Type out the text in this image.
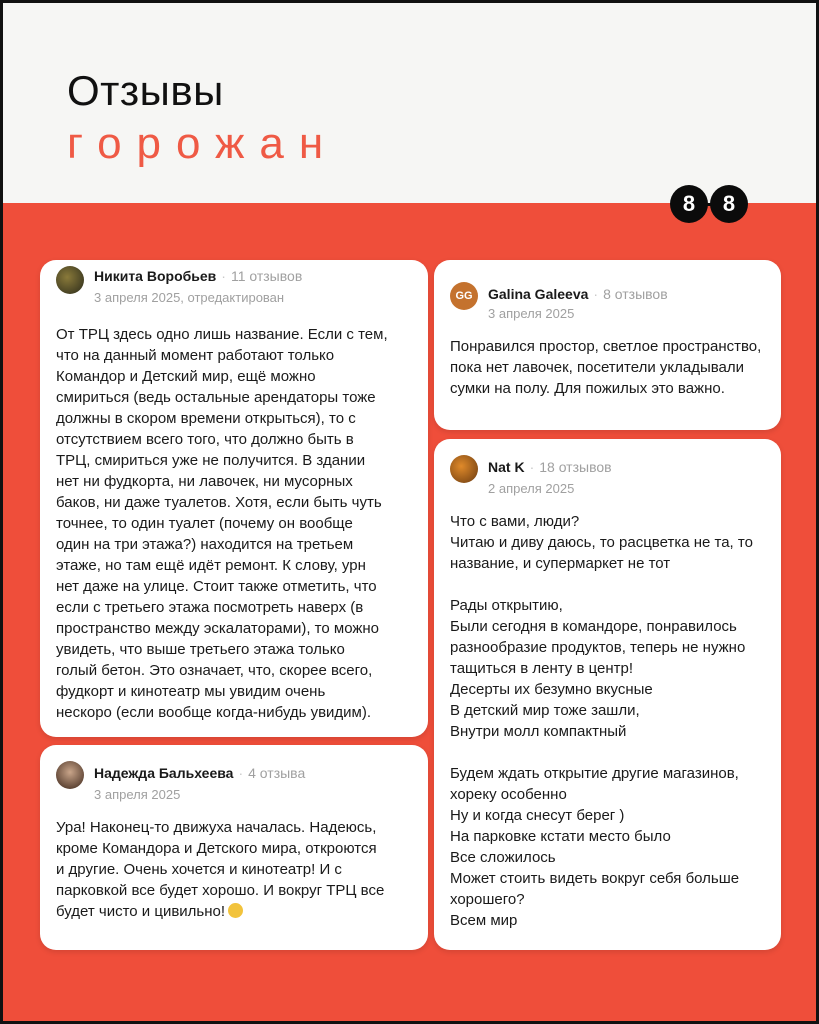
Отзывы
горожан
8	8
Никита Воробьев · 11 отзывов
3 апреля 2025, отредактирован
От ТРЦ здесь одно лишь название. Если с тем,
что на данный момент работают только
Командор и Детский мир, ещё можно
смириться (ведь остальные арендаторы тоже
должны в скором времени открыться), то с
отсутствием всего того, что должно быть в
ТРЦ, смириться уже не получится. В здании
нет ни фудкорта, ни лавочек, ни мусорных
баков, ни даже туалетов. Хотя, если быть чуть
точнее, то один туалет (почему он вообще
один на три этажа?) находится на третьем
этаже, но там ещё идёт ремонт. К слову, урн
нет даже на улице. Стоит также отметить, что
если с третьего этажа посмотреть наверх (в
пространство между эскалаторами), то можно
увидеть, что выше третьего этажа только
голый бетон. Это означает, что, скорее всего,
фудкорт и кинотеатр мы увидим очень
нескоро (если вообще когда-нибудь увидим).
Надежда Бальхеева · 4 отзыва
3 апреля 2025
Ура! Наконец-то движуха началась. Надеюсь,
кроме Командора и Детского мира, откроются
и другие. Очень хочется и кинотеатр! И с
парковкой все будет хорошо. И вокруг ТРЦ все
будет чисто и цивильно!
GG Galina Galeeva · 8 отзывов
3 апреля 2025
Понравился простор, светлое пространство,
пока нет лавочек, посетители укладывали
сумки на полу. Для пожилых это важно.
Nat K · 18 отзывов
2 апреля 2025
Что с вами, люди?
Читаю и диву даюсь, то расцветка не та, то
название, и супермаркет не тот

Рады открытию,
Были сегодня в командоре, понравилось
разнообразие продуктов, теперь не нужно
тащиться в ленту в центр!
Десерты их безумно вкусные
В детский мир тоже зашли,
Внутри молл компактный

Будем ждать открытие другие магазинов,
хореку особенно
Ну и когда снесут берег )
На парковке кстати место было
Все сложилось
Может стоить видеть вокруг себя больше
хорошего?
Всем мир
